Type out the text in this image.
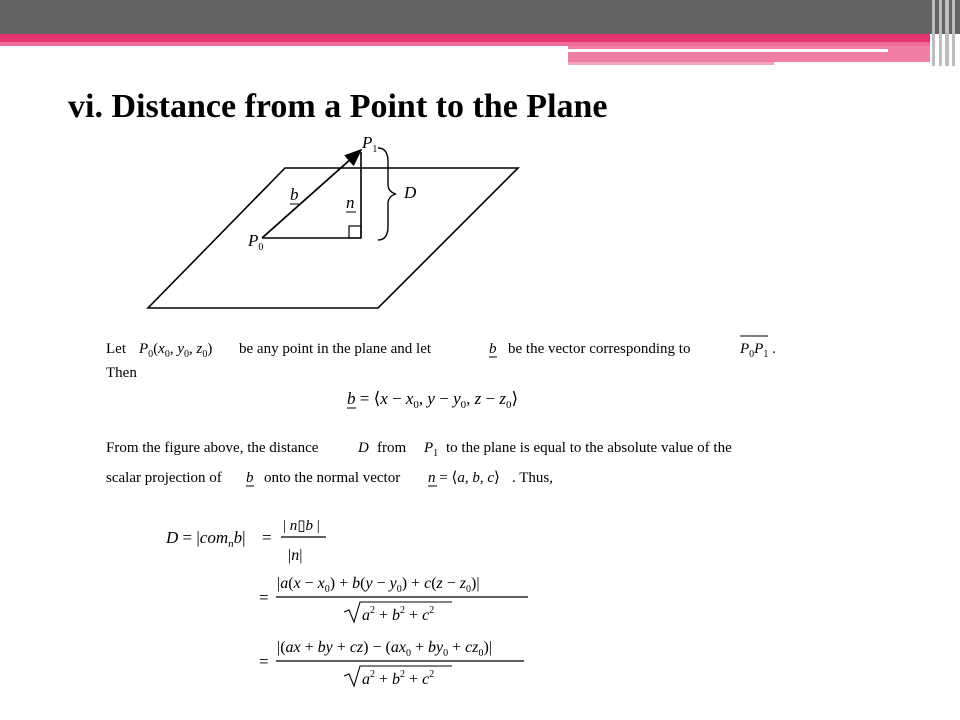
vi. Distance from a Point to the Plane
$P_1$
$P_0$
b	n
D
Let $P_0(x_0$, $y_0$, $z_0$) be any point in the plane and let	b be the vector corresponding to	$P_0P_1$ .
Then
b = ⟨x − $x_0$, $y - y_0$, $z - z_0⟩$
From the figure above, the distance	D from $P_1$ to the plane is equal to the absolute value of the
scalar projection of b onto the normal vector n = ⟨a, b, c⟩ . Thus,
D = |com$_n$b| =
| n▯b |
|n|
=
$|a(x - x_0) + b(y - y_0) + c(z - z_0)|$
$a^2 + b^2 + c^2$
=
|(ax + by + $cz) - (ax_0 + by_0 + cz_0)|$
$a^2 + b^2 + c^2$
